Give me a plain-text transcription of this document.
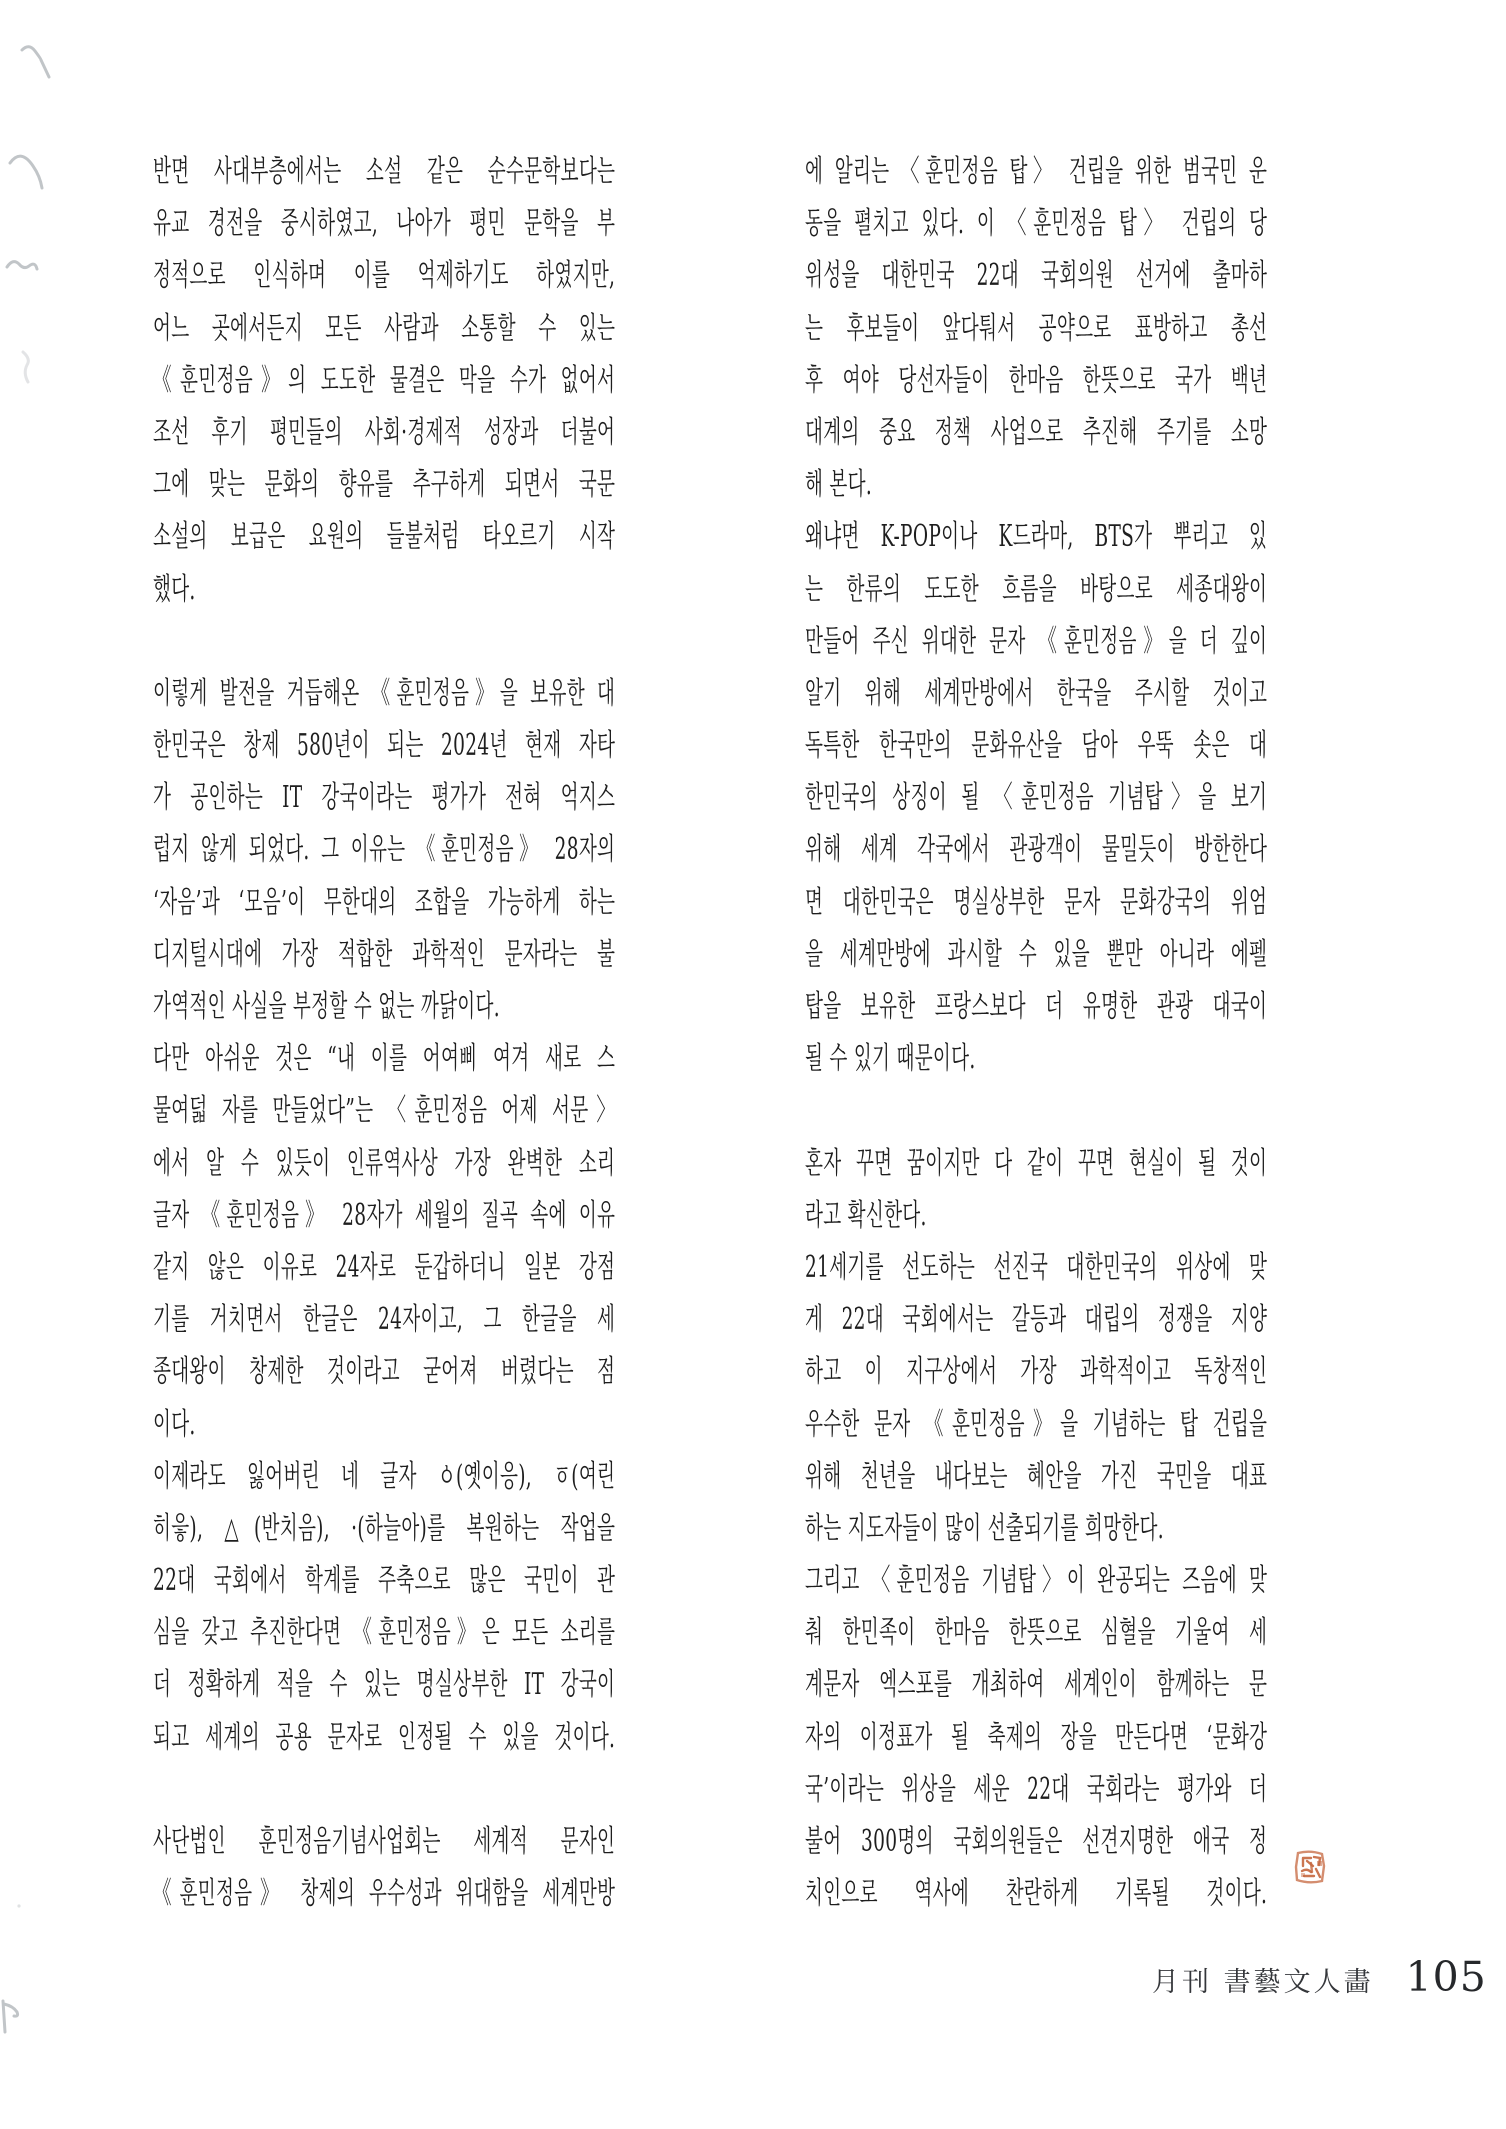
반면 사대부층에서는 소설 같은 순수문학보다는
유교 경전을 중시하였고, 나아가 평민 문학을 부
정적으로 인식하며 이를 억제하기도 하였지만,
어느 곳에서든지 모든 사람과 소통할 수 있는
《훈민정음》의 도도한 물결은 막을 수가 없어서
조선 후기 평민들의 사회·경제적 성장과 더불어
그에 맞는 문화의 향유를 추구하게 되면서 국문
소설의 보급은 요원의 들불처럼 타오르기 시작
했다.
이렇게 발전을 거듭해온 《훈민정음》을 보유한 대
한민국은 창제 580년이 되는 2024년 현재 자타
가 공인하는 IT 강국이라는 평가가 전혀 억지스
럽지 않게 되었다. 그 이유는 《훈민정음》 28자의
‘자음’과 ‘모음’이 무한대의 조합을 가능하게 하는
디지털시대에 가장 적합한 과학적인 문자라는 불
가역적인 사실을 부정할 수 없는 까닭이다.
다만 아쉬운 것은 “내 이를 어여삐 여겨 새로 스
물여덟 자를 만들었다”는 〈훈민정음 어제 서문〉
에서 알 수 있듯이 인류역사상 가장 완벽한 소리
글자 《훈민정음》 28자가 세월의 질곡 속에 이유
같지 않은 이유로 24자로 둔갑하더니 일본 강점
기를 거치면서 한글은 24자이고, 그 한글을 세
종대왕이 창제한 것이라고 굳어져 버렸다는 점
이다.
이제라도 잃어버린 네 글자 ㆁ(옛이응), ㆆ(여린
히읗), △(반치음), ·(하늘아)를 복원하는 작업을
22대 국회에서 학계를 주축으로 많은 국민이 관
심을 갖고 추진한다면 《훈민정음》은 모든 소리를
더 정확하게 적을 수 있는 명실상부한 IT 강국이
되고 세계의 공용 문자로 인정될 수 있을 것이다.
사단법인 훈민정음기념사업회는 세계적 문자인
《훈민정음》 창제의 우수성과 위대함을 세계만방
에 알리는 〈훈민정음 탑〉 건립을 위한 범국민 운
동을 펼치고 있다. 이 〈훈민정음 탑〉 건립의 당
위성을 대한민국 22대 국회의원 선거에 출마하
는 후보들이 앞다퉈서 공약으로 표방하고 총선
후 여야 당선자들이 한마음 한뜻으로 국가 백년
대계의 중요 정책 사업으로 추진해 주기를 소망
해 본다.
왜냐면 K-POP이나 K드라마, BTS가 뿌리고 있
는 한류의 도도한 흐름을 바탕으로 세종대왕이
만들어 주신 위대한 문자 《훈민정음》을 더 깊이
알기 위해 세계만방에서 한국을 주시할 것이고
독특한 한국만의 문화유산을 담아 우뚝 솟은 대
한민국의 상징이 될 〈훈민정음 기념탑〉을 보기
위해 세계 각국에서 관광객이 물밀듯이 방한한다
면 대한민국은 명실상부한 문자 문화강국의 위엄
을 세계만방에 과시할 수 있을 뿐만 아니라 에펠
탑을 보유한 프랑스보다 더 유명한 관광 대국이
될 수 있기 때문이다.
혼자 꾸면 꿈이지만 다 같이 꾸면 현실이 될 것이
라고 확신한다.
21세기를 선도하는 선진국 대한민국의 위상에 맞
게 22대 국회에서는 갈등과 대립의 정쟁을 지양
하고 이 지구상에서 가장 과학적이고 독창적인
우수한 문자 《훈민정음》을 기념하는 탑 건립을
위해 천년을 내다보는 혜안을 가진 국민을 대표
하는 지도자들이 많이 선출되기를 희망한다.
그리고 〈훈민정음 기념탑〉이 완공되는 즈음에 맞
춰 한민족이 한마음 한뜻으로 심혈을 기울여 세
계문자 엑스포를 개최하여 세계인이 함께하는 문
자의 이정표가 될 축제의 장을 만든다면 ‘문화강
국’이라는 위상을 세운 22대 국회라는 평가와 더
불어 300명의 국회의원들은 선견지명한 애국 정
치인으로 역사에 찬란하게 기록될 것이다.
月刊 書藝文人畵 105
